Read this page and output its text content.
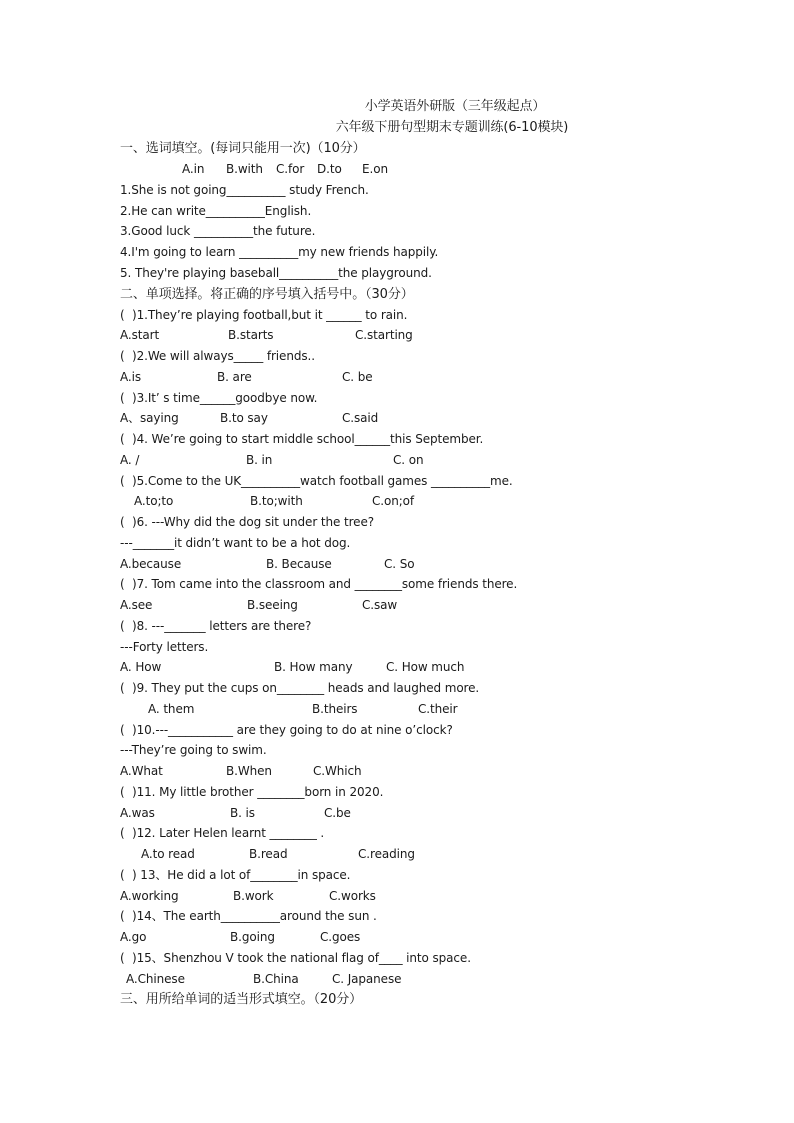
小学英语外研版（三年级起点）
六年级下册句型期末专题训练(6-10模块)
一、选词填空。(每词只能用一次)（10分）
A.in B.with C.for D.to E.on
1.She is not going__________ study French.
2.He can write__________English.
3.Good luck __________the future.
4.I'm going to learn __________my new friends happily.
5. They're playing baseball__________the playground.
二、单项选择。将正确的序号填入括号中。（30分）
( )1.They’re playing football,but it ______ to rain.
A.start	B.starts	C.starting
( )2.We will always_____ friends..
A.is	B. are	C. be
( )3.It’ s time______goodbye now.
A、saying	B.to say	C.said
( )4. We’re going to start middle school______this September.
A. /	B. in	C. on
( )5.Come to the UK__________watch football games __________me.
A.to;to	B.to;with	C.on;of
( )6. ---Why did the dog sit under the tree?
---_______it didn’t want to be a hot dog.
A.because	B. Because	C. So
( )7. Tom came into the classroom and ________some friends there.
A.see	B.seeing	C.saw
( )8. ---_______ letters are there?
---Forty letters.
A. How	B. How many	C. How much
( )9. They put the cups on________ heads and laughed more.
A. them	B.theirs	C.their
( )10.---___________ are they going to do at nine o’clock?
---They’re going to swim.
A.What	B.When	C.Which
( )11. My little brother ________born in 2020.
A.was	B. is	C.be
( )12. Later Helen learnt ________ .
A.to read	B.read	C.reading
( ) 13、He did a lot of________in space.
A.working	B.work	C.works
( )14、The earth__________around the sun .
A.go	B.going	C.goes
( )15、Shenzhou V took the national flag of____ into space.
A.Chinese	B.China	C. Japanese
三、用所给单词的适当形式填空。（20分）
